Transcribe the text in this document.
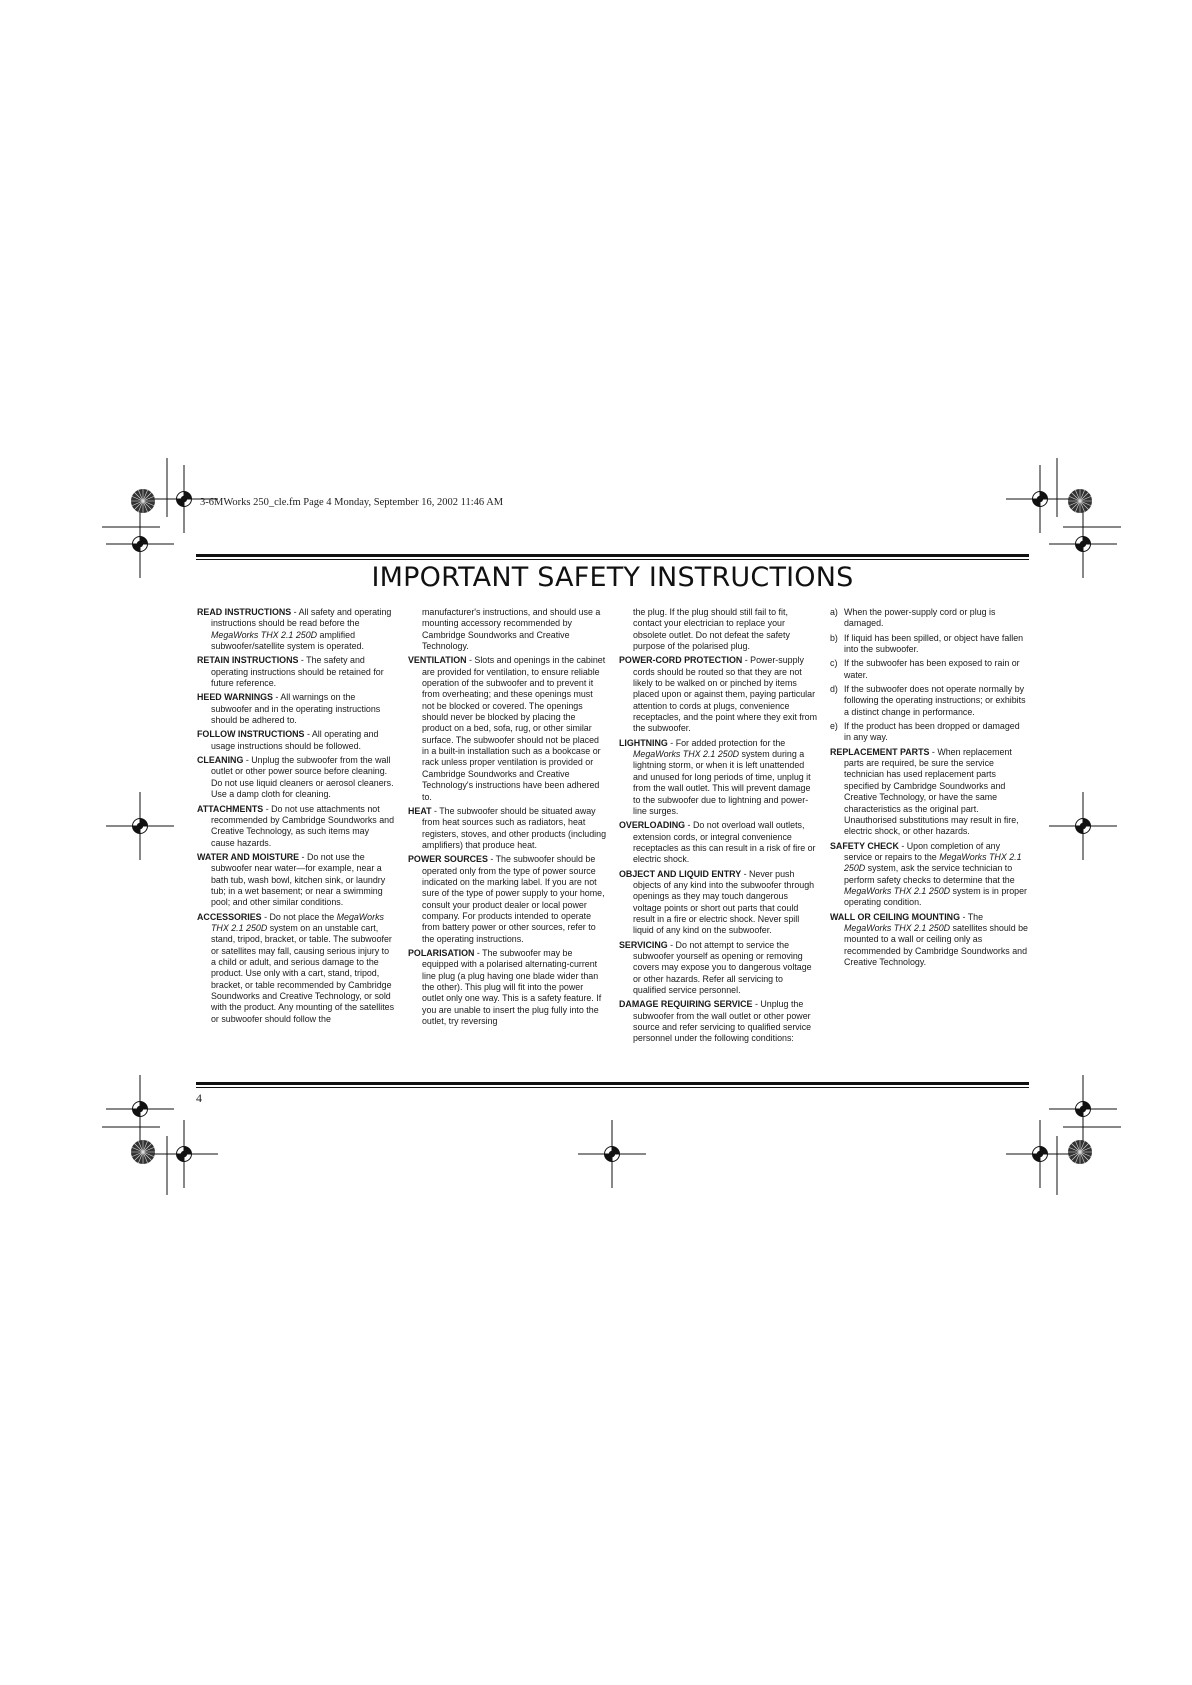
3-6MWorks 250_cle.fm Page 4 Monday, September 16, 2002 11:46 AM
IMPORTANT SAFETY INSTRUCTIONS

READ INSTRUCTIONS - All safety and operating instructions should be read before the MegaWorks THX 2.1 250D amplified subwoofer/satellite system is operated.

RETAIN INSTRUCTIONS - The safety and operating instructions should be retained for future reference.

HEED WARNINGS - All warnings on the subwoofer and in the operating instructions should be adhered to.

FOLLOW INSTRUCTIONS - All operating and usage instructions should be followed.

CLEANING - Unplug the subwoofer from the wall outlet or other power source before cleaning. Do not use liquid cleaners or aerosol cleaners. Use a damp cloth for cleaning.

ATTACHMENTS - Do not use attachments not recommended by Cambridge Soundworks and Creative Technology, as such items may cause hazards.

WATER AND MOISTURE - Do not use the subwoofer near water—for example, near a bath tub, wash bowl, kitchen sink, or laundry tub; in a wet basement; or near a swimming pool; and other similar conditions.

ACCESSORIES - Do not place the MegaWorks THX 2.1 250D system on an unstable cart, stand, tripod, bracket, or table. The subwoofer or satellites may fall, causing serious injury to a child or adult, and serious damage to the product. Use only with a cart, stand, tripod, bracket, or table recommended by Cambridge Soundworks and Creative Technology, or sold with the product. Any mounting of the satellites or subwoofer should follow the

manufacturer's instructions, and should use a mounting accessory recommended by Cambridge Soundworks and Creative Technology.

VENTILATION - Slots and openings in the cabinet are provided for ventilation, to ensure reliable operation of the subwoofer and to prevent it from overheating; and these openings must not be blocked or covered. The openings should never be blocked by placing the product on a bed, sofa, rug, or other similar surface. The subwoofer should not be placed in a built-in installation such as a bookcase or rack unless proper ventilation is provided or Cambridge Soundworks and Creative Technology's instructions have been adhered to.

HEAT - The subwoofer should be situated away from heat sources such as radiators, heat registers, stoves, and other products (including amplifiers) that produce heat.

POWER SOURCES - The subwoofer should be operated only from the type of power source indicated on the marking label. If you are not sure of the type of power supply to your home, consult your product dealer or local power company. For products intended to operate from battery power or other sources, refer to the operating instructions.

POLARISATION - The subwoofer may be equipped with a polarised alternating-current line plug (a plug having one blade wider than the other). This plug will fit into the power outlet only one way. This is a safety feature. If you are unable to insert the plug fully into the outlet, try reversing

the plug. If the plug should still fail to fit, contact your electrician to replace your obsolete outlet. Do not defeat the safety purpose of the polarised plug.

POWER-CORD PROTECTION - Power-supply cords should be routed so that they are not likely to be walked on or pinched by items placed upon or against them, paying particular attention to cords at plugs, convenience receptacles, and the point where they exit from the subwoofer.

LIGHTNING - For added protection for the MegaWorks THX 2.1 250D system during a lightning storm, or when it is left unattended and unused for long periods of time, unplug it from the wall outlet. This will prevent damage to the subwoofer due to lightning and power-line surges.

OVERLOADING - Do not overload wall outlets, extension cords, or integral convenience receptacles as this can result in a risk of fire or electric shock.

OBJECT AND LIQUID ENTRY - Never push objects of any kind into the subwoofer through openings as they may touch dangerous voltage points or short out parts that could result in a fire or electric shock. Never spill liquid of any kind on the subwoofer.

SERVICING - Do not attempt to service the subwoofer yourself as opening or removing covers may expose you to dangerous voltage or other hazards. Refer all servicing to qualified service personnel.

DAMAGE REQUIRING SERVICE - Unplug the subwoofer from the wall outlet or other power source and refer servicing to qualified service personnel under the following conditions:

a) When the power-supply cord or plug is damaged.
b) If liquid has been spilled, or object have fallen into the subwoofer.
c) If the subwoofer has been exposed to rain or water.
d) If the subwoofer does not operate normally by following the operating instructions; or exhibits a distinct change in performance.
e) If the product has been dropped or damaged in any way.

REPLACEMENT PARTS - When replacement parts are required, be sure the service technician has used replacement parts specified by Cambridge Soundworks and Creative Technology, or have the same characteristics as the original part. Unauthorised substitutions may result in fire, electric shock, or other hazards.

SAFETY CHECK - Upon completion of any service or repairs to the MegaWorks THX 2.1 250D system, ask the service technician to perform safety checks to determine that the MegaWorks THX 2.1 250D system is in proper operating condition.

WALL OR CEILING MOUNTING - The MegaWorks THX 2.1 250D satellites should be mounted to a wall or ceiling only as recommended by Cambridge Soundworks and Creative Technology.

4
